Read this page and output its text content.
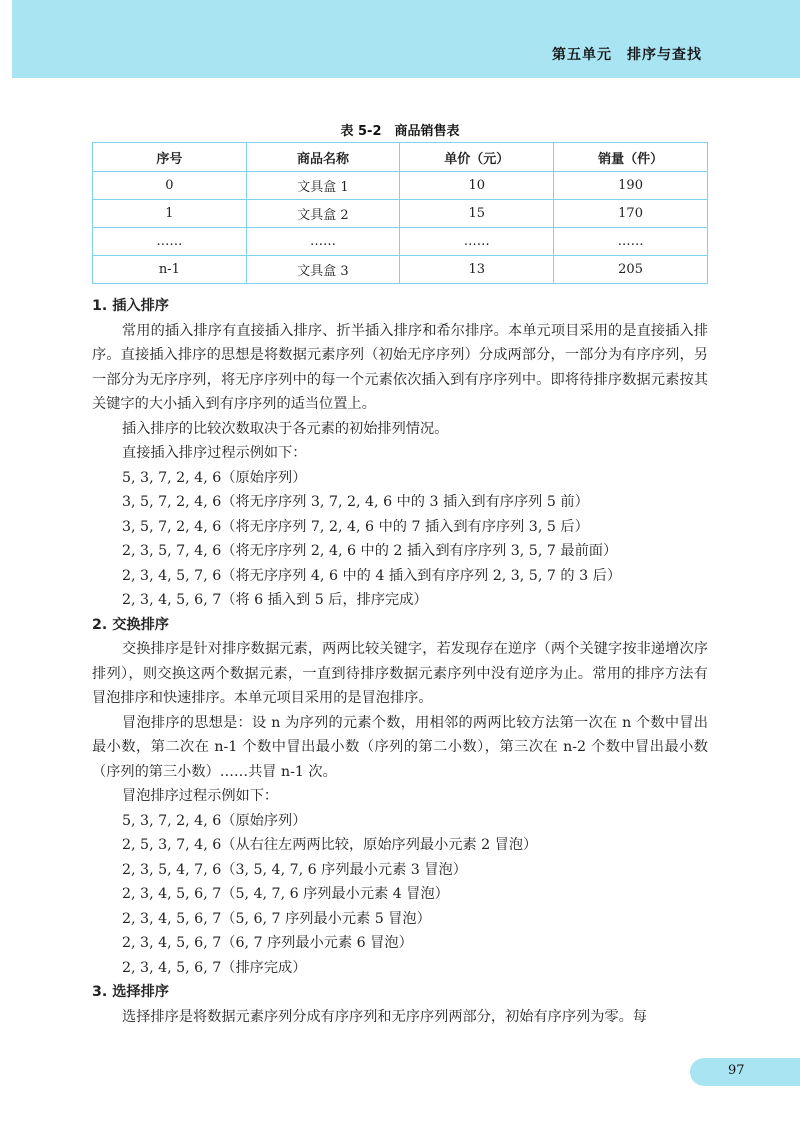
第五单元　排序与查找
表 5-2　商品销售表
序号	商品名称	单价（元）	销量（件）
0	文具盒 1	10	190
1	文具盒 2	15	170
……	……	……	……
n-1	文具盒 3	13	205

1. 插入排序

常用的插入排序有直接插入排序、折半插入排序和希尔排序。本单元项目采用的是直接插入排序。直接插入排序的思想是将数据元素序列（初始无序序列）分成两部分，一部分为有序序列，另一部分为无序序列，将无序序列中的每一个元素依次插入到有序序列中。即将待排序数据元素按其关键字的大小插入到有序序列的适当位置上。

插入排序的比较次数取决于各元素的初始排列情况。

直接插入排序过程示例如下：

5, 3, 7, 2, 4, 6（原始序列）

3, 5, 7, 2, 4, 6（将无序序列 3, 7, 2, 4, 6 中的 3 插入到有序序列 5 前）

3, 5, 7, 2, 4, 6（将无序序列 7, 2, 4, 6 中的 7 插入到有序序列 3, 5 后）

2, 3, 5, 7, 4, 6（将无序序列 2, 4, 6 中的 2 插入到有序序列 3, 5, 7 最前面）

2, 3, 4, 5, 7, 6（将无序序列 4, 6 中的 4 插入到有序序列 2, 3, 5, 7 的 3 后）

2, 3, 4, 5, 6, 7（将 6 插入到 5 后，排序完成）

2. 交换排序

交换排序是针对排序数据元素，两两比较关键字，若发现存在逆序（两个关键字按非递增次序排列），则交换这两个数据元素，一直到待排序数据元素序列中没有逆序为止。常用的排序方法有冒泡排序和快速排序。本单元项目采用的是冒泡排序。

冒泡排序的思想是：设 n 为序列的元素个数，用相邻的两两比较方法第一次在 n 个数中冒出最小数，第二次在 n-1 个数中冒出最小数（序列的第二小数），第三次在 n-2 个数中冒出最小数（序列的第三小数）……共冒 n-1 次。

冒泡排序过程示例如下：

5, 3, 7, 2, 4, 6（原始序列）

2, 5, 3, 7, 4, 6（从右往左两两比较，原始序列最小元素 2 冒泡）

2, 3, 5, 4, 7, 6（3, 5, 4, 7, 6 序列最小元素 3 冒泡）

2, 3, 4, 5, 6, 7（5, 4, 7, 6 序列最小元素 4 冒泡）

2, 3, 4, 5, 6, 7（5, 6, 7 序列最小元素 5 冒泡）

2, 3, 4, 5, 6, 7（6, 7 序列最小元素 6 冒泡）

2, 3, 4, 5, 6, 7（排序完成）

3. 选择排序

选择排序是将数据元素序列分成有序序列和无序序列两部分，初始有序序列为零。每

97
